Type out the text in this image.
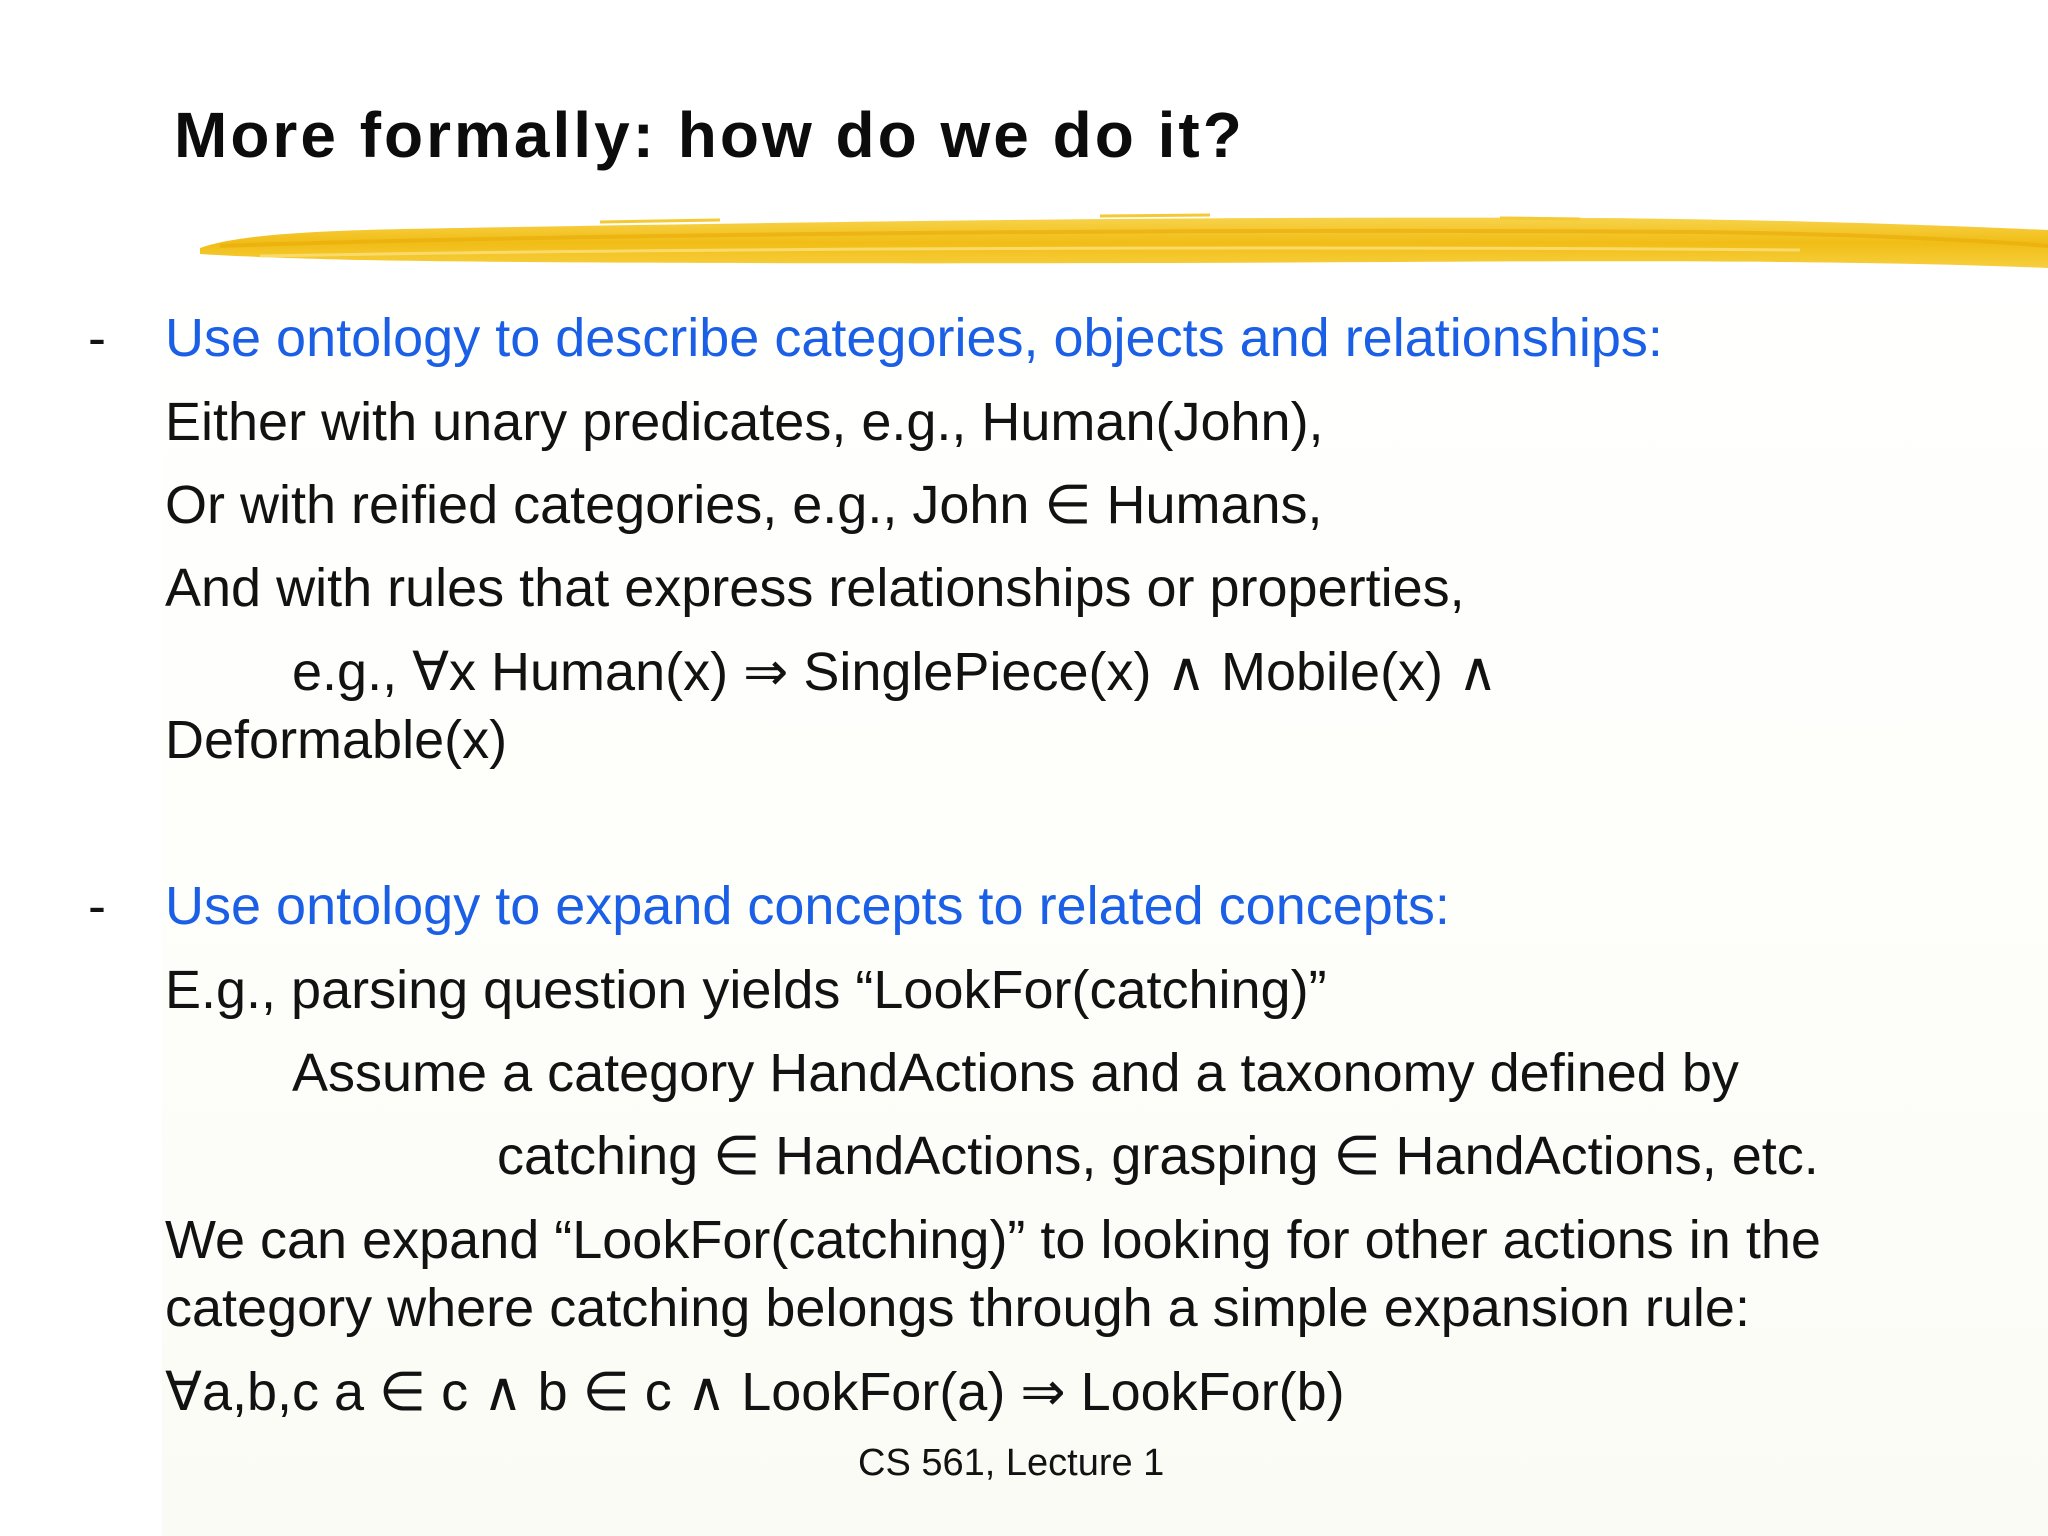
More formally: how do we do it?
- Use ontology to describe categories, objects and relationships:

Either with unary predicates, e.g., Human(John),

Or with reified categories, e.g., John ∈ Humans,

And with rules that express relationships or properties,

e.g., ∀x Human(x) ⇒ SinglePiece(x) ∧ Mobile(x) ∧

Deformable(x)

- Use ontology to expand concepts to related concepts:

E.g., parsing question yields “LookFor(catching)”

Assume a category HandActions and a taxonomy defined by

catching ∈ HandActions, grasping ∈ HandActions, etc.

We can expand “LookFor(catching)” to looking for other actions in the

category where catching belongs through a simple expansion rule:

∀a,b,c a ∈ c ∧ b ∈ c ∧ LookFor(a) ⇒ LookFor(b)

CS 561, Lecture 1
